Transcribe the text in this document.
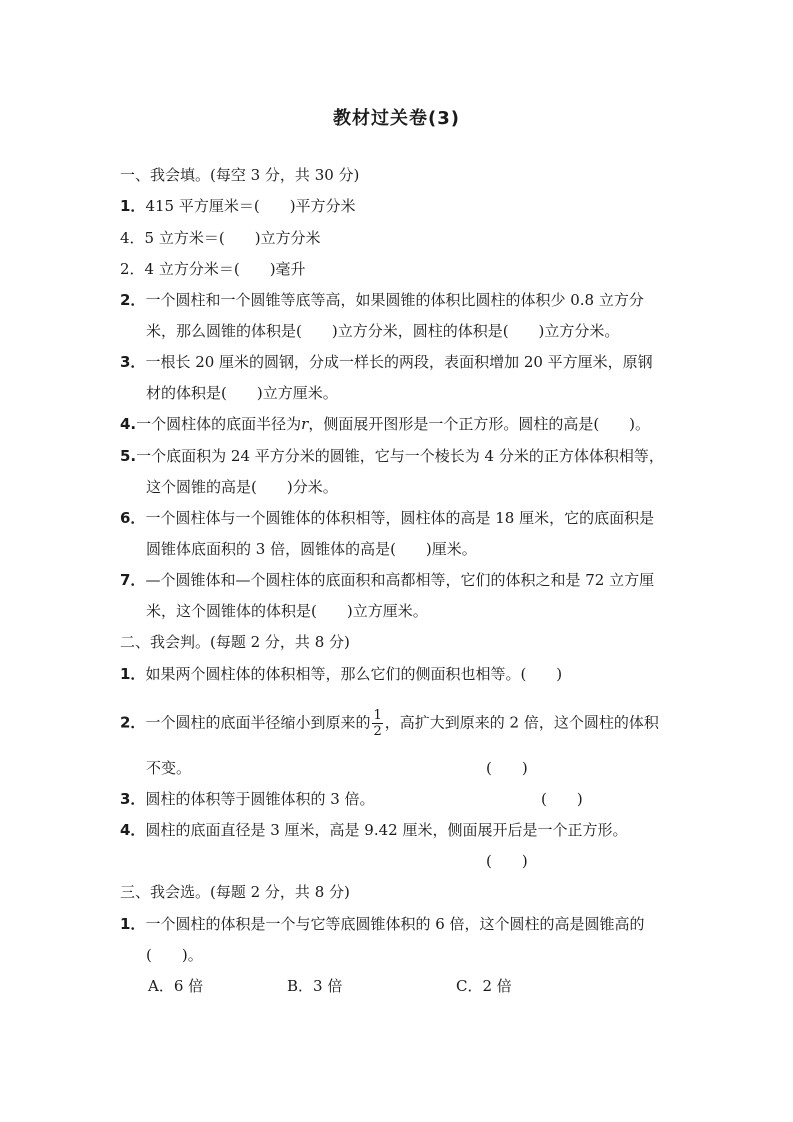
教材过关卷(3)
一、我会填。(每空 3 分，共 30 分)
1．415 平方厘米＝(　　)平方分米
4．5 立方米＝(　　)立方分米
2．4 立方分米＝(　　)毫升
2．一个圆柱和一个圆锥等底等高，如果圆锥的体积比圆柱的体积少 0.8 立方分
米，那么圆锥的体积是(　　)立方分米，圆柱的体积是(　　)立方分米。
3．一根长 20 厘米的圆钢，分成一样长的两段，表面积增加 20 平方厘米，原钢
材的体积是(　　)立方厘米。
4.一个圆柱体的底面半径为r，侧面展开图形是一个正方形。圆柱的高是(　　)。
5.一个底面积为 24 平方分米的圆锥，它与一个棱长为 4 分米的正方体体积相等，
这个圆锥的高是(　　)分米。
6．一个圆柱体与一个圆锥体的体积相等，圆柱体的高是 18 厘米，它的底面积是
圆锥体底面积的 3 倍，圆锥体的高是(　　)厘米。
7．—个圆锥体和—个圆柱体的底面积和高都相等，它们的体积之和是 72 立方厘
米，这个圆锥体的体积是(　　)立方厘米。
二、我会判。(每题 2 分，共 8 分)
1．如果两个圆柱体的体积相等，那么它们的侧面积也相等。(　　)
2．一个圆柱的底面半径缩小到原来的 $\frac{1}{2}$ ，高扩大到原来的 2 倍，这个圆柱的体积
不变。	(　　)
3．圆柱的体积等于圆锥体积的 3 倍。	(　　)
4．圆柱的底面直径是 3 厘米，高是 9.42 厘米，侧面展开后是一个正方形。
(　　)
三、我会选。(每题 2 分，共 8 分)
1．一个圆柱的体积是一个与它等底圆锥体积的 6 倍，这个圆柱的高是圆锥高的
(　　)。
A．6 倍	B．3 倍	C．2 倍
